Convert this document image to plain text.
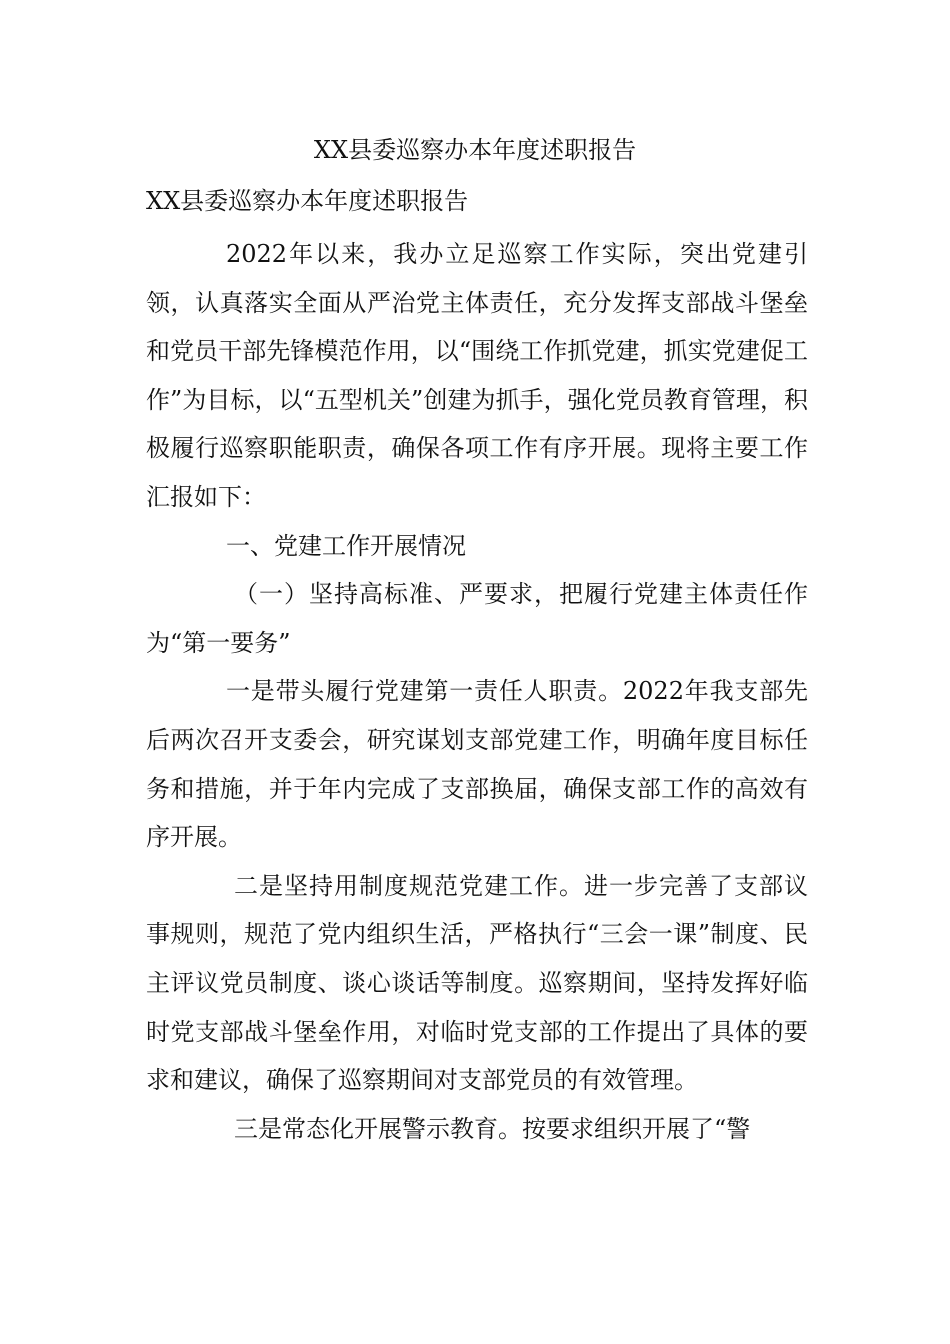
XX县委巡察办本年度述职报告
XX县委巡察办本年度述职报告

2022年以来，我办立足巡察工作实际，突出党建引领，认真落实全面从严治党主体责任，充分发挥支部战斗堡垒和党员干部先锋模范作用，以“围绕工作抓党建，抓实党建促工作”为目标，以“五型机关”创建为抓手，强化党员教育管理，积极履行巡察职能职责，确保各项工作有序开展。现将主要工作汇报如下：

一、党建工作开展情况

（一）坚持高标准、严要求，把履行党建主体责任作为“第一要务”

一是带头履行党建第一责任人职责。2022年我支部先后两次召开支委会，研究谋划支部党建工作，明确年度目标任务和措施，并于年内完成了支部换届，确保支部工作的高效有序开展。

二是坚持用制度规范党建工作。进一步完善了支部议事规则，规范了党内组织生活，严格执行“三会一课”制度、民主评议党员制度、谈心谈话等制度。巡察期间，坚持发挥好临时党支部战斗堡垒作用，对临时党支部的工作提出了具体的要求和建议，确保了巡察期间对支部党员的有效管理。

三是常态化开展警示教育。按要求组织开展了“警
